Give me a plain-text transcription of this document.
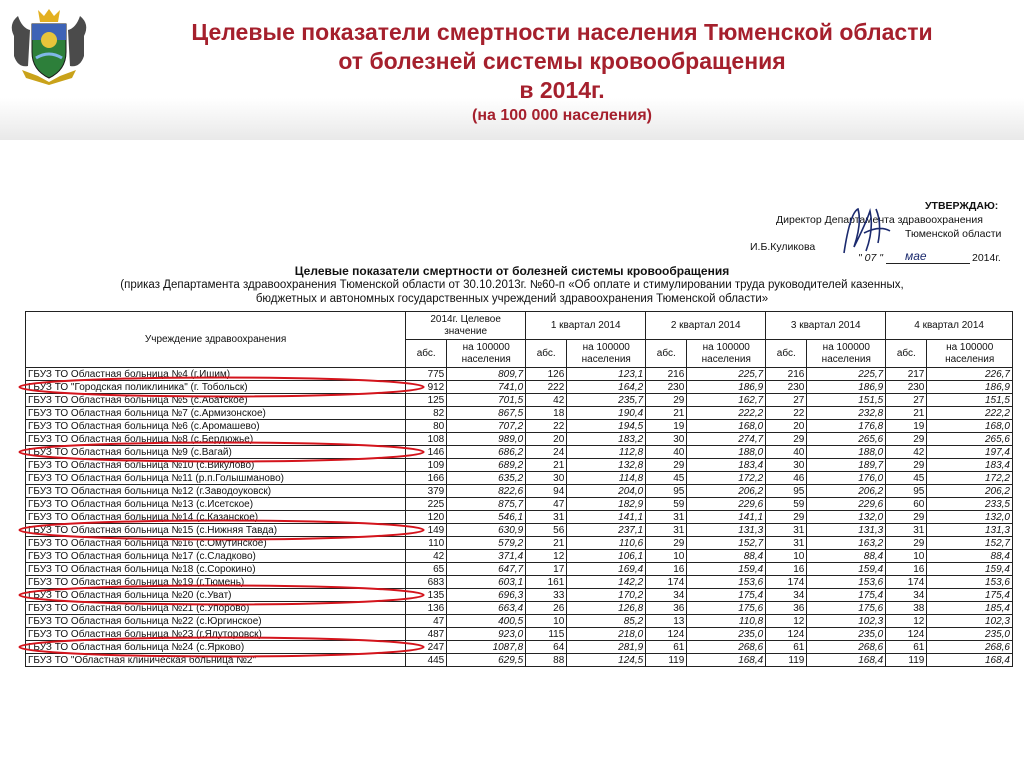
Целевые показатели смертности населения Тюменской области
от болезней системы кровообращения
в 2014г.
(на 100 000 населения)
УТВЕРЖДАЮ:
Директор Департамента здравоохранения
Тюменской области
И.Б.Куликова
" 07 " мае	2014г.
Целевые показатели смертности от болезней системы кровообращения
(приказ Департамента здравоохранения Тюменской области от 30.10.2013г. №60-п «Об оплате и стимулировании труда руководителей казенных,
бюджетных и автономных государственных учреждений здравоохранения Тюменской области»
Учреждение здравоохранения	2014г. Целевое значение		1 квартал 2014		2 квартал 2014		3 квартал 2014		4 квартал 2014	
	абс.	на 100000 населения	абс.	на 100000 населения	абс.	на 100000 населения	абс.	на 100000 населения	абс.	на 100000 населения
ГБУЗ ТО Областная больница №4 (г.Ишим)	775	809,7	126	123,1	216	225,7	216	225,7	217	226,7
ГБУЗ ТО "Городская поликлиника" (г. Тобольск)	912	741,0	222	164,2	230	186,9	230	186,9	230	186,9
ГБУЗ ТО Областная больница №5 (с.Абатское)	125	701,5	42	235,7	29	162,7	27	151,5	27	151,5
ГБУЗ ТО Областная больница №7 (с.Армизонское)	82	867,5	18	190,4	21	222,2	22	232,8	21	222,2
ГБУЗ ТО Областная больница №6 (с.Аромашево)	80	707,2	22	194,5	19	168,0	20	176,8	19	168,0
ГБУЗ ТО Областная больница №8 (с.Бердюжье)	108	989,0	20	183,2	30	274,7	29	265,6	29	265,6
ГБУЗ ТО Областная больница №9 (с.Вагай)	146	686,2	24	112,8	40	188,0	40	188,0	42	197,4
ГБУЗ ТО Областная больница №10 (с.Викулово)	109	689,2	21	132,8	29	183,4	30	189,7	29	183,4
ГБУЗ ТО Областная больница №11 (р.п.Голышманово)	166	635,2	30	114,8	45	172,2	46	176,0	45	172,2
ГБУЗ ТО Областная больница №12 (г.Заводоуковск)	379	822,6	94	204,0	95	206,2	95	206,2	95	206,2
ГБУЗ ТО Областная больница №13 (с.Исетское)	225	875,7	47	182,9	59	229,6	59	229,6	60	233,5
ГБУЗ ТО Областная больница №14 (с.Казанское)	120	546,1	31	141,1	31	141,1	29	132,0	29	132,0
ГБУЗ ТО Областная больница №15 (с.Нижняя Тавда)	149	630,9	56	237,1	31	131,3	31	131,3	31	131,3
ГБУЗ ТО Областная больница №16 (с.Омутинское)	110	579,2	21	110,6	29	152,7	31	163,2	29	152,7
ГБУЗ ТО Областная больница №17 (с.Сладково)	42	371,4	12	106,1	10	88,4	10	88,4	10	88,4
ГБУЗ ТО Областная больница №18 (с.Сорокино)	65	647,7	17	169,4	16	159,4	16	159,4	16	159,4
ГБУЗ ТО Областная больница №19 (г.Тюмень)	683	603,1	161	142,2	174	153,6	174	153,6	174	153,6
ГБУЗ ТО Областная больница №20 (с.Уват)	135	696,3	33	170,2	34	175,4	34	175,4	34	175,4
ГБУЗ ТО Областная больница №21 (с.Упорово)	136	663,4	26	126,8	36	175,6	36	175,6	38	185,4
ГБУЗ ТО Областная больница №22 (с.Юргинское)	47	400,5	10	85,2	13	110,8	12	102,3	12	102,3
ГБУЗ ТО Областная больница №23 (г.Ялуторовск)	487	923,0	115	218,0	124	235,0	124	235,0	124	235,0
ГБУЗ ТО Областная больница №24 (с.Ярково)	247	1087,8	64	281,9	61	268,6	61	268,6	61	268,6
ГБУЗ ТО "Областная клиническая больница №2"	445	629,5	88	124,5	119	168,4	119	168,4	119	168,4
